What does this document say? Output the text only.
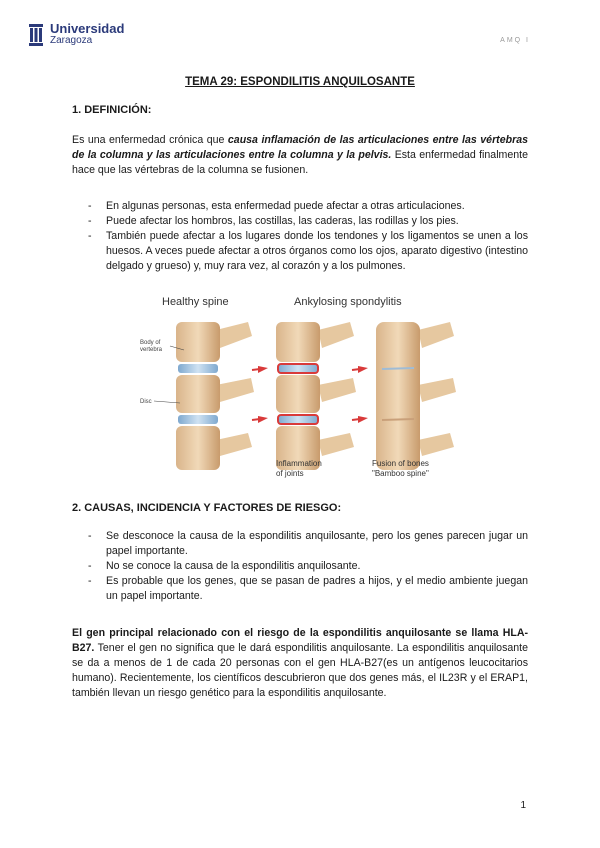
Universidad
Zaragoza	AMQ I
TEMA 29: ESPONDILITIS ANQUILOSANTE
1. DEFINICIÓN:
Es una enfermedad crónica que causa inflamación de las articulaciones entre las vértebras de la columna y las articulaciones entre la columna y la pelvis. Esta enfermedad finalmente hace que las vértebras de la columna se fusionen.
- En algunas personas, esta enfermedad puede afectar a otras articulaciones.
- Puede afectar los hombros, las costillas, las caderas, las rodillas y los pies.
- También puede afectar a los lugares donde los tendones y los ligamentos se unen a los huesos. A veces puede afectar a otros órganos como los ojos, aparato digestivo (intestino delgado y grueso) y, muy rara vez, al corazón y a los pulmones.
Healthy spine	Ankylosing spondylitis
Body of vertebra
Disc
Inflammation of joints
Fusion of bones "Bamboo spine"
2. CAUSAS, INCIDENCIA Y FACTORES DE RIESGO:
- Se desconoce la causa de la espondilitis anquilosante, pero los genes parecen jugar un papel importante.
- No se conoce la causa de la espondilitis anquilosante.
- Es probable que los genes, que se pasan de padres a hijos, y el medio ambiente juegan un papel importante.
El gen principal relacionado con el riesgo de la espondilitis anquilosante se llama HLA-B27. Tener el gen no significa que le dará espondilitis anquilosante. La espondilitis anquilosante se da a menos de 1 de cada 20 personas con el gen HLA-B27(es un antígenos leucocitarios humano). Recientemente, los científicos descubrieron que dos genes más, el IL23R y el ERAP1, también llevan un riesgo genético para la espondilitis anquilosante.
1
